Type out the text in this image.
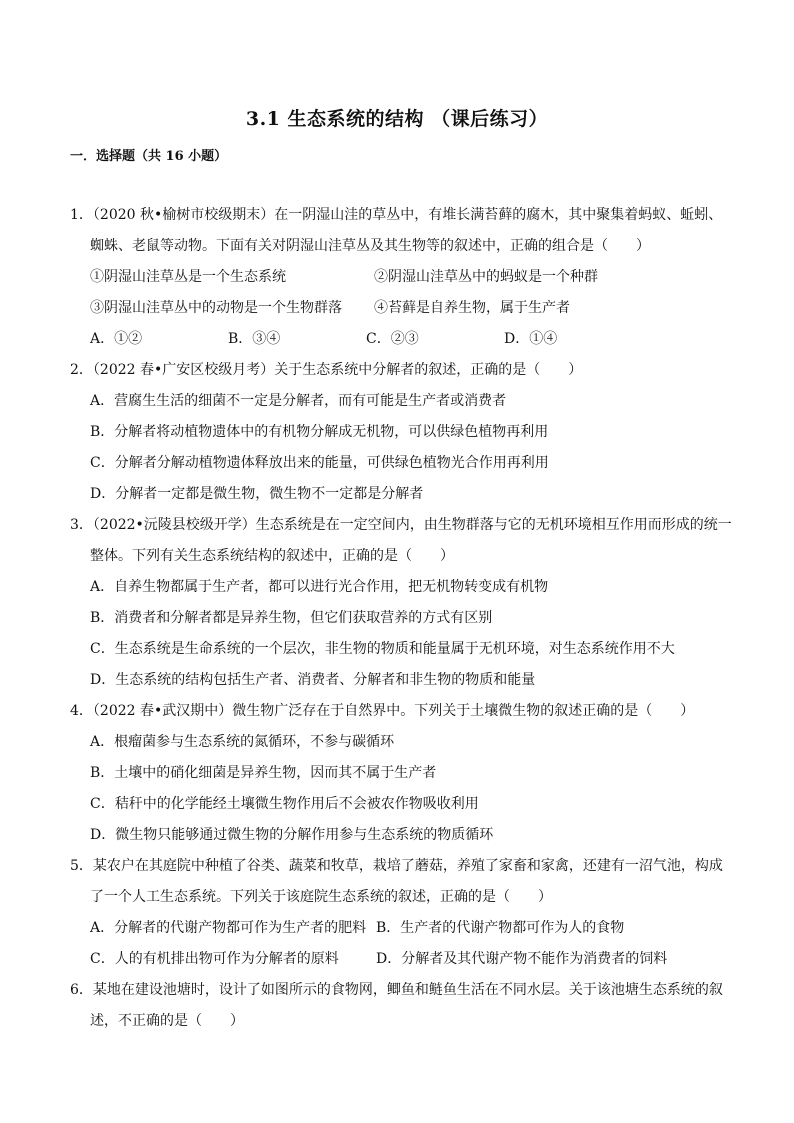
3.1 生态系统的结构 （课后练习）
一．选择题（共 16 小题）
1．（2020 秋•榆树市校级期末）在一阴湿山洼的草丛中，有堆长满苔藓的腐木，其中聚集着蚂蚁、蚯蚓、
蜘蛛、老鼠等动物。下面有关对阴湿山洼草丛及其生物等的叙述中，正确的组合是（　　）
①阴湿山洼草丛是一个生态系统	②阴湿山洼草丛中的蚂蚁是一个种群
③阴湿山洼草丛中的动物是一个生物群落	④苔藓是自养生物，属于生产者
A．①②	B．③④	C．②③	D．①④
2．（2022 春•广安区校级月考）关于生态系统中分解者的叙述，正确的是（　　）
A．营腐生生活的细菌不一定是分解者，而有可能是生产者或消费者
B．分解者将动植物遗体中的有机物分解成无机物，可以供绿色植物再利用
C．分解者分解动植物遗体释放出来的能量，可供绿色植物光合作用再利用
D．分解者一定都是微生物，微生物不一定都是分解者
3．（2022•沅陵县校级开学）生态系统是在一定空间内，由生物群落与它的无机环境相互作用而形成的统一
整体。下列有关生态系统结构的叙述中，正确的是（　　）
A．自养生物都属于生产者，都可以进行光合作用，把无机物转变成有机物
B．消费者和分解者都是异养生物，但它们获取营养的方式有区别
C．生态系统是生命系统的一个层次，非生物的物质和能量属于无机环境，对生态系统作用不大
D．生态系统的结构包括生产者、消费者、分解者和非生物的物质和能量
4．（2022 春•武汉期中）微生物广泛存在于自然界中。下列关于土壤微生物的叙述正确的是（　　）
A．根瘤菌参与生态系统的氮循环，不参与碳循环
B．土壤中的硝化细菌是异养生物，因而其不属于生产者
C．秸秆中的化学能经土壤微生物作用后不会被农作物吸收利用
D．微生物只能够通过微生物的分解作用参与生态系统的物质循环
5．某农户在其庭院中种植了谷类、蔬菜和牧草，栽培了蘑菇，养殖了家畜和家禽，还建有一沼气池，构成
了一个人工生态系统。下列关于该庭院生态系统的叙述，正确的是（　　）
A．分解者的代谢产物都可作为生产者的肥料 B．生产者的代谢产物都可作为人的食物
C．人的有机排出物可作为分解者的原料	D．分解者及其代谢产物不能作为消费者的饲料
6．某地在建设池塘时，设计了如图所示的食物网，鲫鱼和鲢鱼生活在不同水层。关于该池塘生态系统的叙
述，不正确的是（　　）
